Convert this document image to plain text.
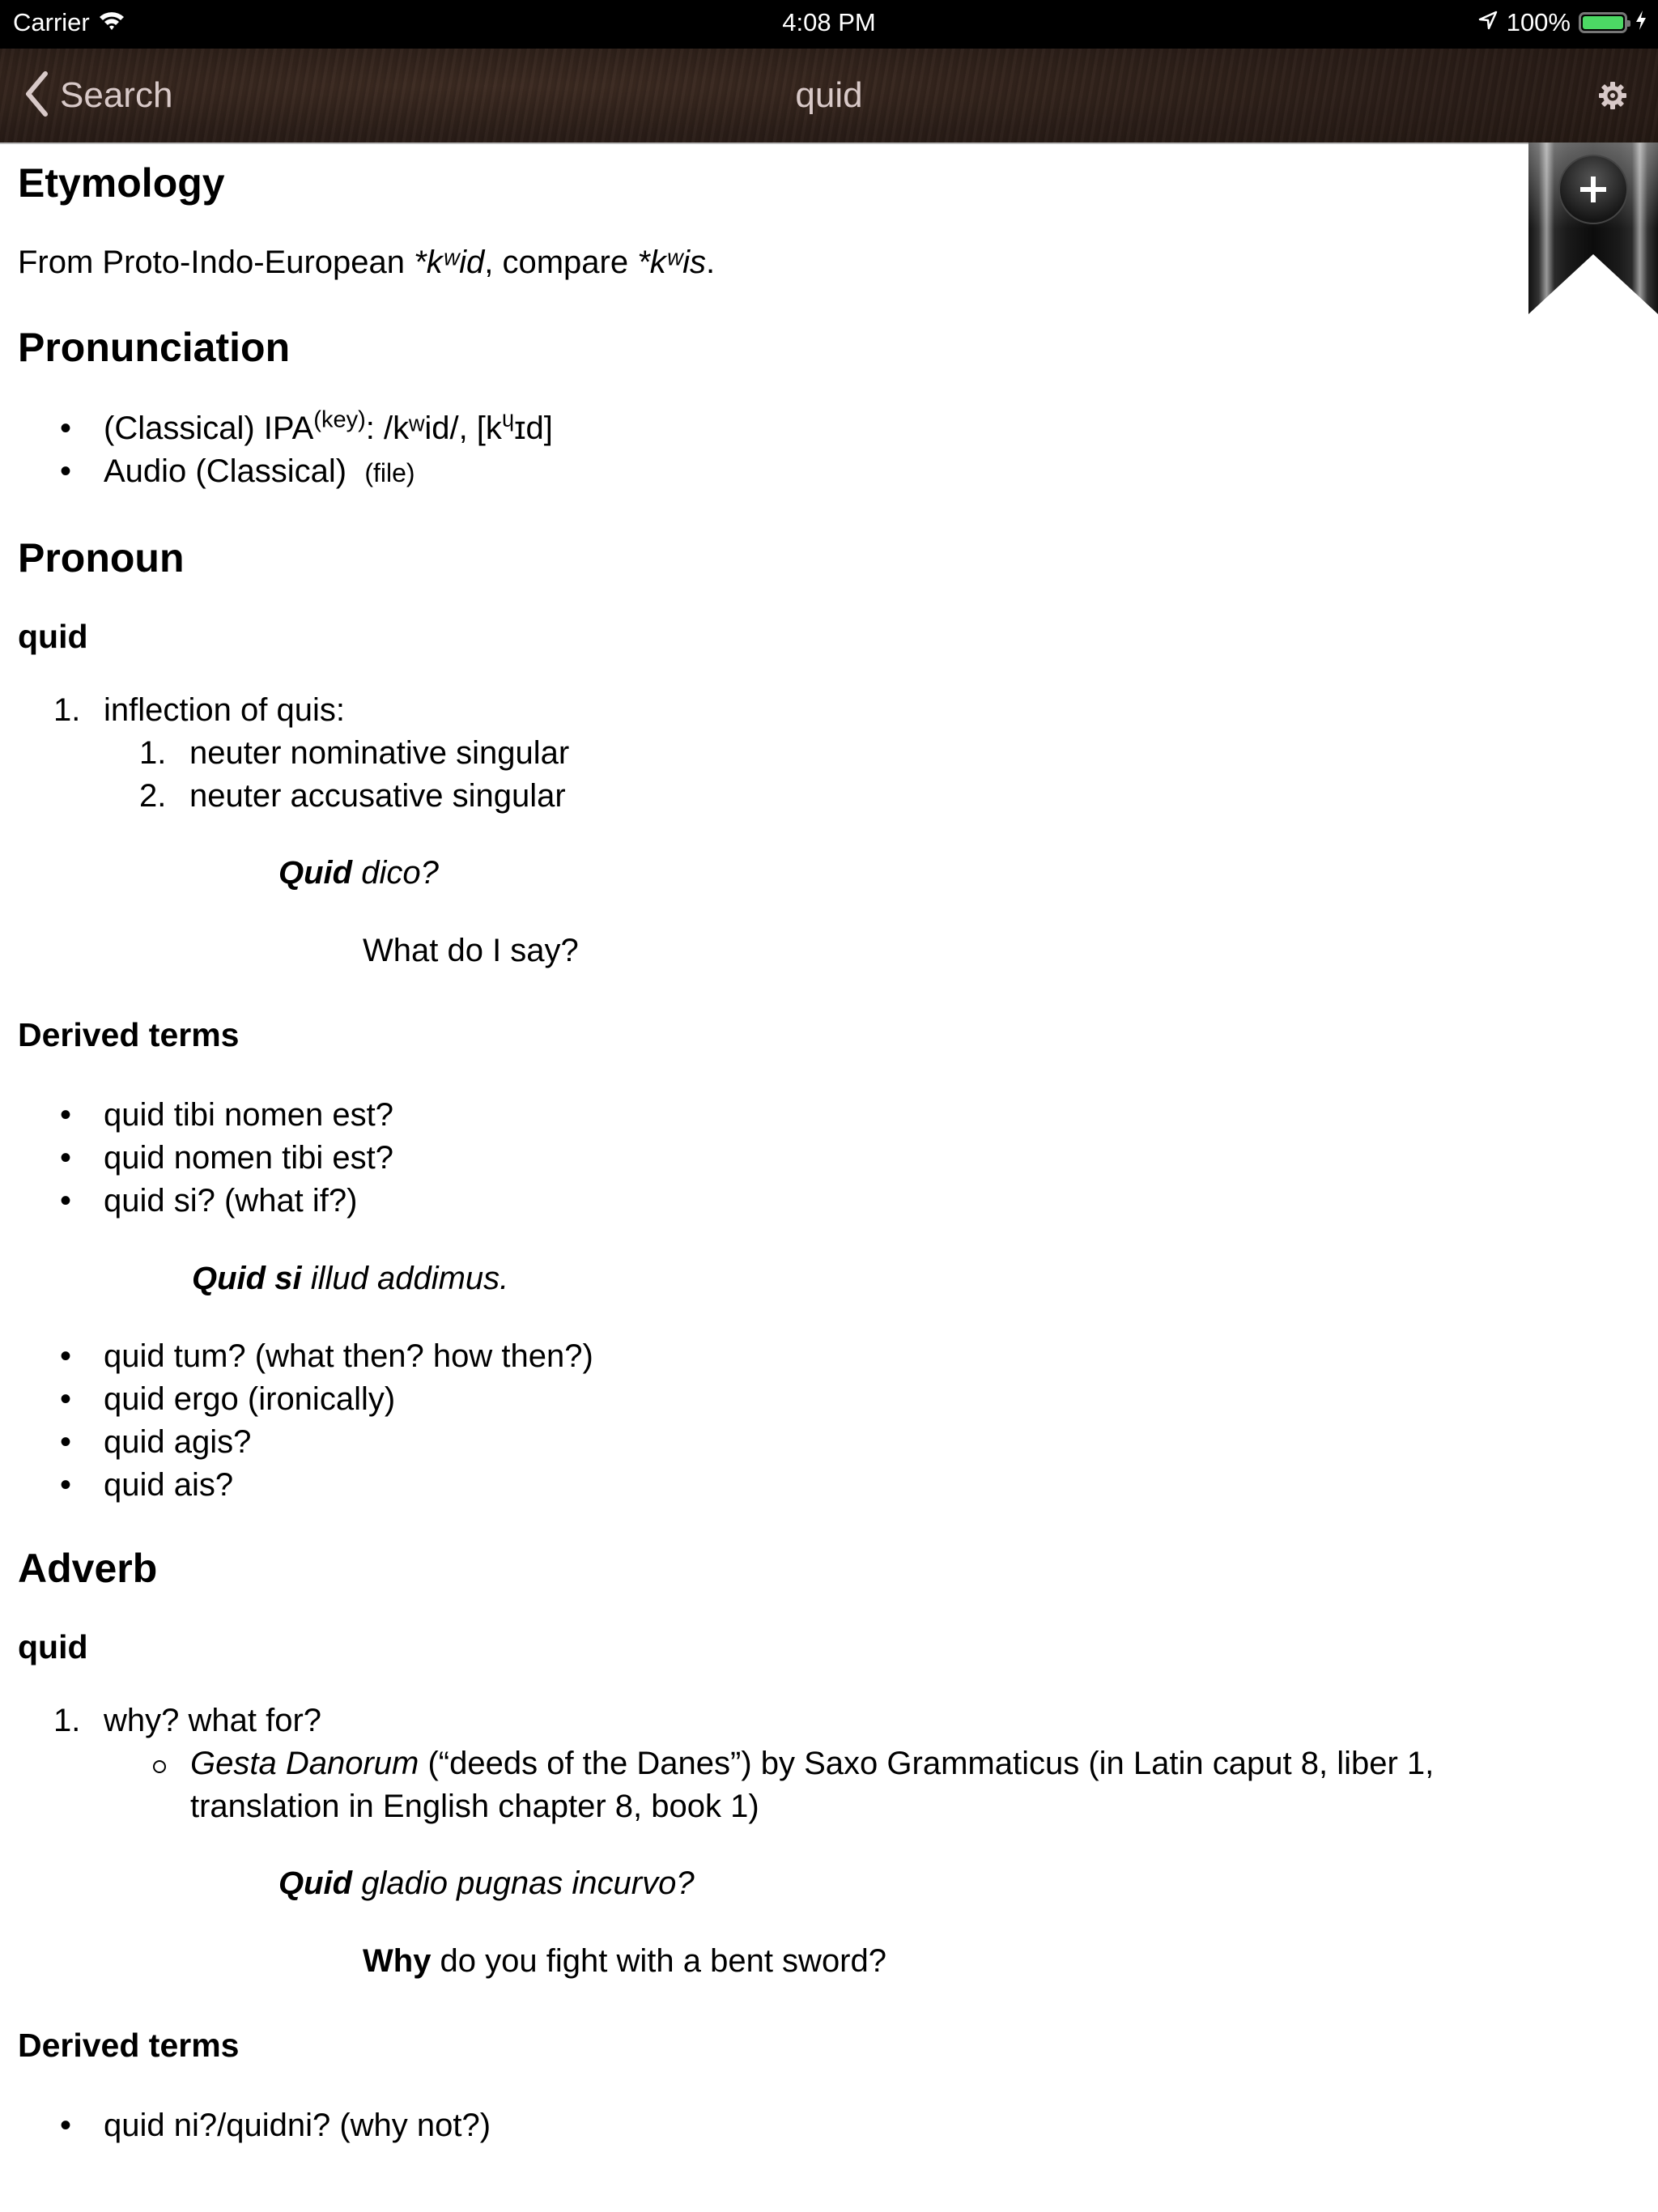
Carrier	4:08 PM	100%
Search	quid
Etymology

From Proto-Indo-European *kʷid, compare *kʷis.

Pronunciation
• (Classical) $IPA^{(key)}$: /kʷid/, [kᶣɪd]
• Audio (Classical) (file)
Pronoun
quid
1. inflection of quis:
1. neuter nominative singular
2. neuter accusative singular

Quid dico?

What do I say?

Derived terms
• quid tibi nomen est?
• quid nomen tibi est?
• quid si? (what if?)

Quid si illud addimus.

• quid tum? (what then? how then?)
• quid ergo (ironically)
• quid agis?
• quid ais?
Adverb
quid
1. why? what for?
Gesta Danorum (“deeds of the Danes”) by Saxo Grammaticus (in Latin caput 8, liber 1, translation in English chapter 8, book 1)

Quid gladio pugnas incurvo?

Why do you fight with a bent sword?

Derived terms
• quid ni?/quidni? (why not?)
